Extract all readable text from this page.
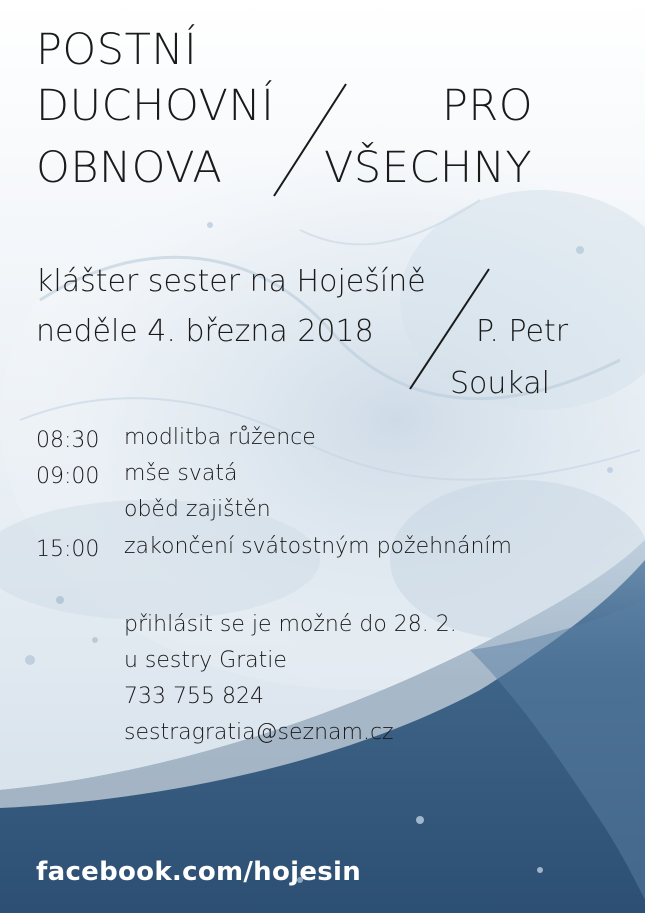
POSTNÍ
DUCHOVNÍ
OBNOVA
PRO
VŠECHNY
klášter sester na Hoješíně
neděle 4. března 2018	P. Petr
Soukal
08:30 modlitba růžence
09:00 mše svatá
oběd zajištěn
15:00 zakončení svátostným požehnáním
přihlásit se je možné do 28. 2.
u sestry Gratie
733 755 824
sestragratia@seznam.cz
facebook.com/hojesin
